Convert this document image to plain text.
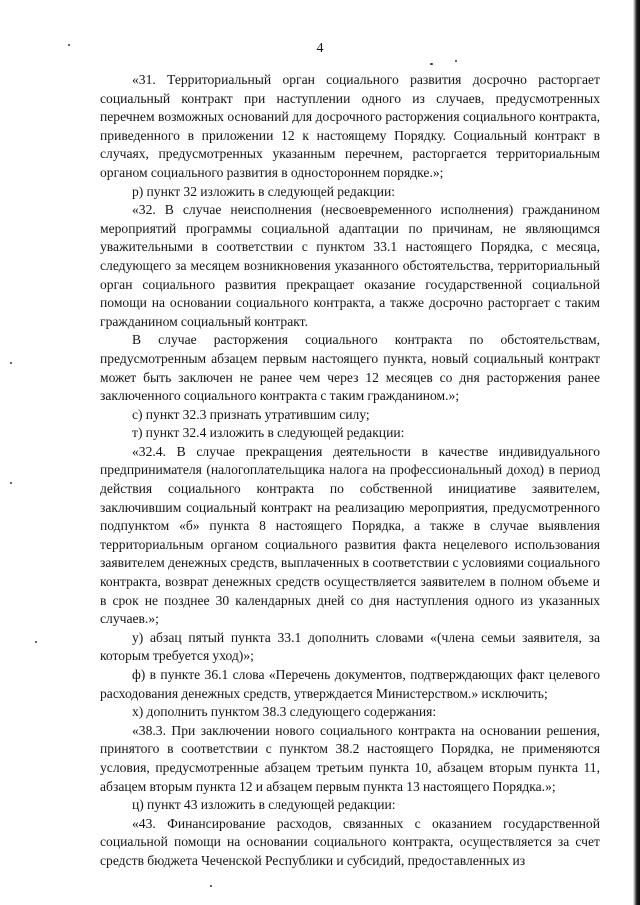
4

«31. Территориальный орган социального развития досрочно расторгает социальный контракт при наступлении одного из случаев, предусмотренных перечнем возможных оснований для досрочного расторжения социального контракта, приведенного в приложении 12 к настоящему Порядку. Социальный контракт в случаях, предусмотренных указанным перечнем, расторгается территориальным органом социального развития в одностороннем порядке.»;

р) пункт 32 изложить в следующей редакции:

«32. В случае неисполнения (несвоевременного исполнения) гражданином мероприятий программы социальной адаптации по причинам, не являющимся уважительными в соответствии с пунктом 33.1 настоящего Порядка, с месяца, следующего за месяцем возникновения указанного обстоятельства, территориальный орган социального развития прекращает оказание государственной социальной помощи на основании социального контракта, а также досрочно расторгает с таким гражданином социальный контракт.

В случае расторжения социального контракта по обстоятельствам, предусмотренным абзацем первым настоящего пункта, новый социальный контракт может быть заключен не ранее чем через 12 месяцев со дня расторжения ранее заключенного социального контракта с таким гражданином.»;

с) пункт 32.3 признать утратившим силу;

т) пункт 32.4 изложить в следующей редакции:

«32.4. В случае прекращения деятельности в качестве индивидуального предпринимателя (налогоплательщика налога на профессиональный доход) в период действия социального контракта по собственной инициативе заявителем, заключившим социальный контракт на реализацию мероприятия, предусмотренного подпунктом «б» пункта 8 настоящего Порядка, а также в случае выявления территориальным органом социального развития факта нецелевого использования заявителем денежных средств, выплаченных в соответствии с условиями социального контракта, возврат денежных средств осуществляется заявителем в полном объеме и в срок не позднее 30 календарных дней со дня наступления одного из указанных случаев.»;

у) абзац пятый пункта 33.1 дополнить словами «(члена семьи заявителя, за которым требуется уход)»;

ф) в пункте 36.1 слова «Перечень документов, подтверждающих факт целевого расходования денежных средств, утверждается Министерством.» исключить;

х) дополнить пунктом 38.3 следующего содержания:

«38.3. При заключении нового социального контракта на основании решения, принятого в соответствии с пунктом 38.2 настоящего Порядка, не применяются условия, предусмотренные абзацем третьим пункта 10, абзацем вторым пункта 11, абзацем вторым пункта 12 и абзацем первым пункта 13 настоящего Порядка.»;

ц) пункт 43 изложить в следующей редакции:

«43. Финансирование расходов, связанных с оказанием государственной социальной помощи на основании социального контракта, осуществляется за счет средств бюджета Чеченской Республики и субсидий, предоставленных из
